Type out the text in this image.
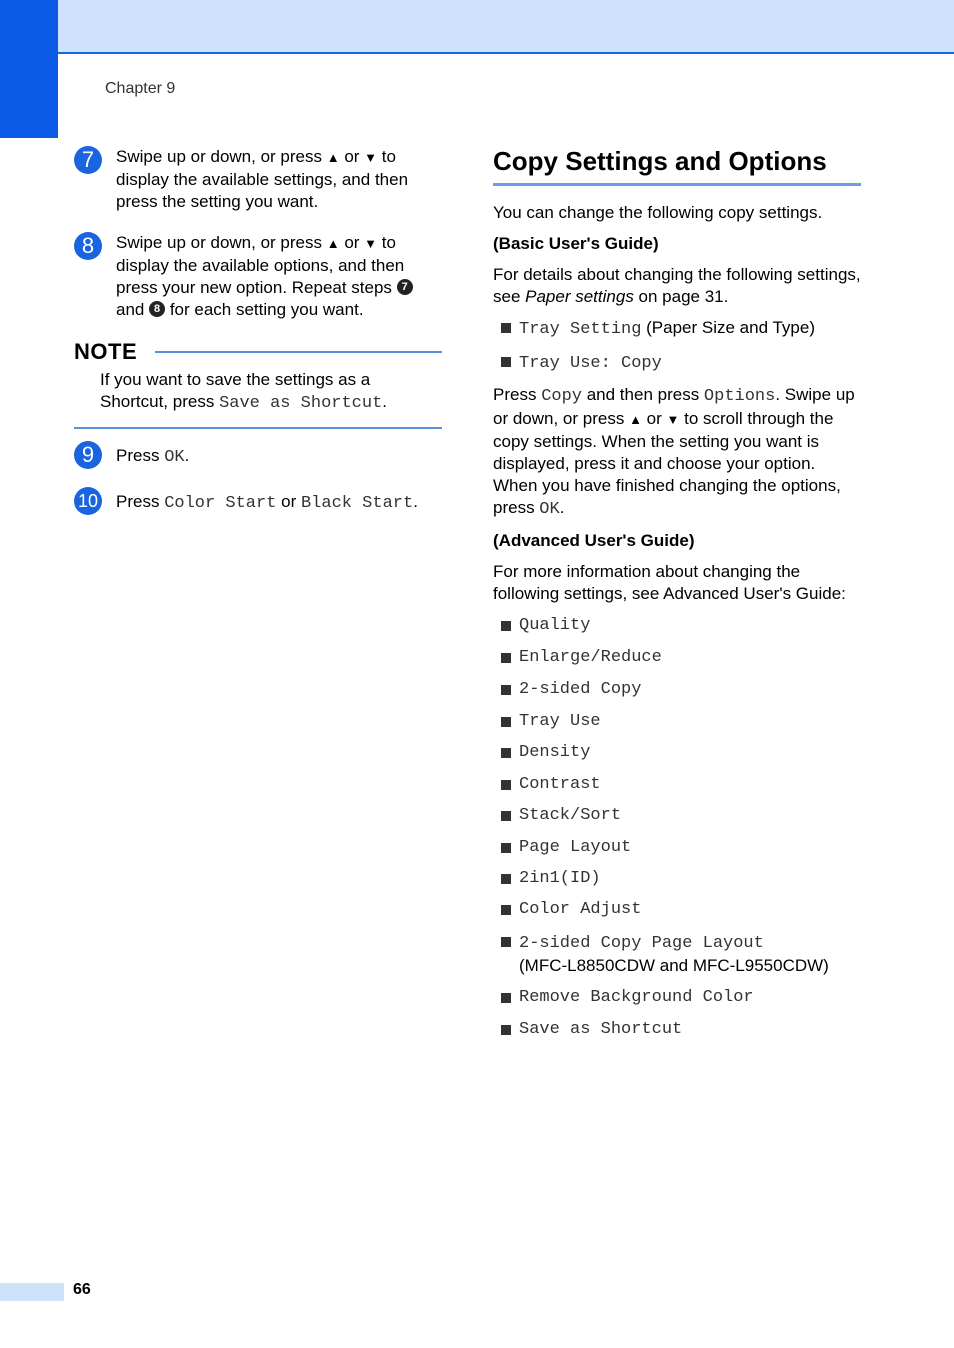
Chapter 9
7	Swipe up or down, or press ▲ or ▼ to display the available settings, and then press the setting you want.
8	Swipe up or down, or press ▲ or ▼ to display the available options, and then press your new option. Repeat steps 7 and 8 for each setting you want.
NOTE
If you want to save the settings as a Shortcut, press Save as Shortcut.
9	Press OK.
10 Press Color Start or Black Start.
Copy Settings and Options

You can change the following copy settings.

(Basic User's Guide)

For details about changing the following settings, see Paper settings on page 31.

Tray Setting (Paper Size and Type)
Tray Use: Copy

Press Copy and then press Options. Swipe up or down, or press ▲ or ▼ to scroll through the copy settings. When the setting you want is displayed, press it and choose your option. When you have finished changing the options, press OK.

(Advanced User's Guide)

For more information about changing the following settings, see Advanced User's Guide:

Quality
Enlarge/Reduce
2-sided Copy
Tray Use
Density
Contrast
Stack/Sort
Page Layout
2in1(ID)
Color Adjust
2-sided Copy Page Layout
(MFC-L8850CDW and MFC-L9550CDW)
Remove Background Color
Save as Shortcut
66
